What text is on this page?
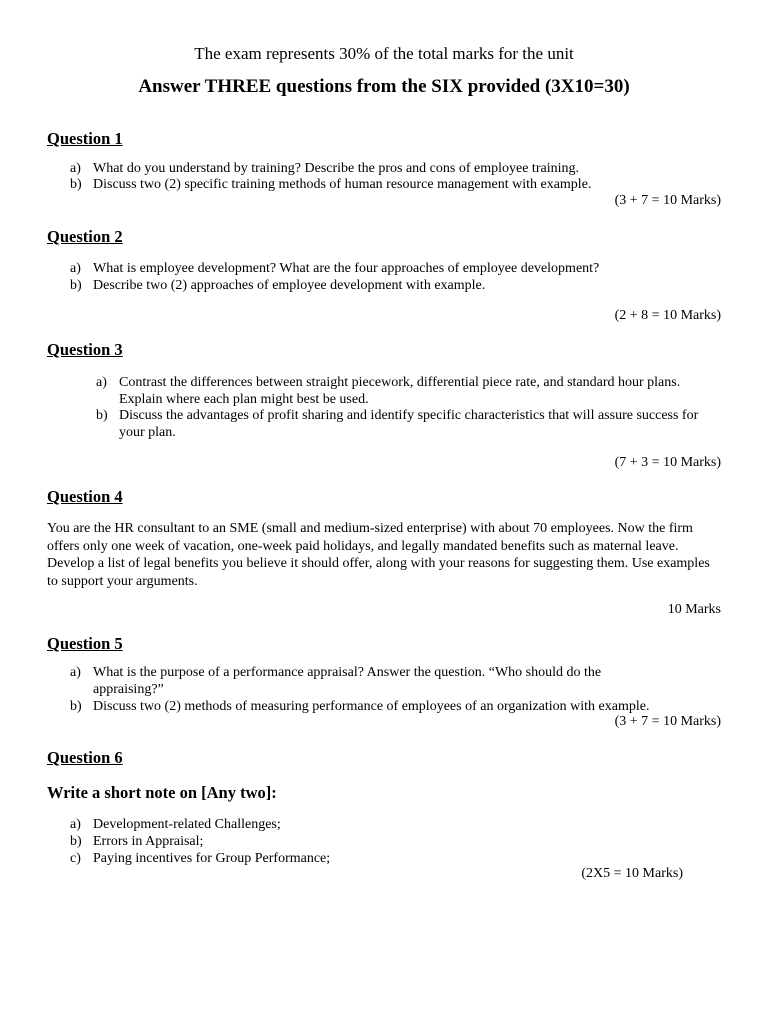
The exam represents 30% of the total marks for the unit
Answer THREE questions from the SIX provided (3X10=30)
Question 1
a) What do you understand by training? Describe the pros and cons of employee training.
b) Discuss two (2) specific training methods of human resource management with example.
(3 + 7 = 10 Marks)
Question 2
a) What is employee development? What are the four approaches of employee development?
b) Describe two (2) approaches of employee development with example.
(2 + 8 = 10 Marks)
Question 3
a) Contrast the differences between straight piecework, differential piece rate, and standard hour plans. Explain where each plan might best be used.
b) Discuss the advantages of profit sharing and identify specific characteristics that will assure success for your plan.
(7 + 3 = 10 Marks)
Question 4
You are the HR consultant to an SME (small and medium-sized enterprise) with about 70 employees. Now the firm offers only one week of vacation, one-week paid holidays, and legally mandated benefits such as maternal leave. Develop a list of legal benefits you believe it should offer, along with your reasons for suggesting them. Use examples to support your arguments.
10 Marks
Question 5
a) What is the purpose of a performance appraisal? Answer the question. “Who should do the appraising?”
b) Discuss two (2) methods of measuring performance of employees of an organization with example.
(3 + 7 = 10 Marks)
Question 6
Write a short note on [Any two]:
a) Development-related Challenges;
b) Errors in Appraisal;
c) Paying incentives for Group Performance;
(2X5 = 10 Marks)
